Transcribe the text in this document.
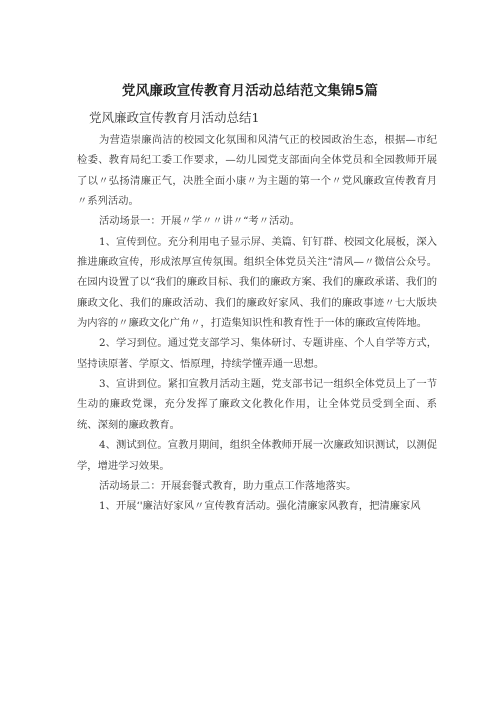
党风廉政宣传教育月活动总结范文集锦5篇
党风廉政宣传教育月活动总结1

为营造崇廉尚洁的校园文化氛围和风清气正的校园政治生态，根据—市纪检委、教育局纪工委工作要求，—幼儿园党支部面向全体党员和全园教师开展了以〃弘扬清廉正气，决胜全面小康〃为主题的第一个〃党风廉政宣传教育月〃系列活动。

活动场景一：开展〃学〃〃讲〃“考〃活动。

1、宣传到位。充分利用电子显示屏、美篇、钉钉群、校园文化展板，深入推进廉政宣传，形成浓厚宣传氛围。组织全体党员关注“清风—〃微信公众号。在园内设置了以“我们的廉政目标、我们的廉政方案、我们的廉政承诺、我们的廉政文化、我们的廉政活动、我们的廉政好家风、我们的廉政事迹〃七大版块为内容的〃廉政文化广角〃，打造集知识性和教育性于一体的廉政宣传阵地。

2、学习到位。通过党支部学习、集体研讨、专题讲座、个人自学等方式，坚持读原著、学原文、悟原理，持续学懂弄通一思想。

3、宣讲到位。紧扣宣教月活动主题，党支部书记一组织全体党员上了一节生动的廉政党课，充分发挥了廉政文化教化作用，让全体党员受到全面、系统、深刻的廉政教育。

4、测试到位。宣教月期间，组织全体教师开展一次廉政知识测试，以测促学，增进学习效果。

活动场景二：开展套餐式教育，助力重点工作落地落实。

1、开展‘'廉洁好家风〃宣传教育活动。强化清廉家风教育，把清廉家风
